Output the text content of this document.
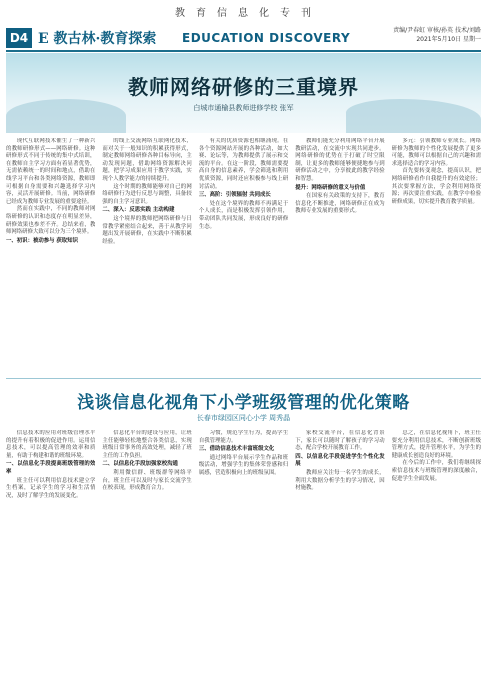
教 育 信 息 化 专 刊
D4 E 教古林·教育探索 EDUCATION DISCOVERY
责编/尹春虹 审核/孙英 技术/刘路
2021年5月10日 星期一
教师网络研修的三重境界
白城市通榆县教师进修学校 张军

现代互联网技术催生了一种新兴的教师研修形式——网络研修。这种研修形式不同于传统的集中式培训，在教师自主学习方面有着显著优势，无需依赖统一的时间和地点，借助在线学习平台和各类网络资源，教师即可根据自身需要和兴趣选择学习内容，灵活开展研修。当前，网络研修已经成为教师专业发展的重要途径。

然而在实践中，不同的教师对网络研修的认识和态度存在明显差异，研修效果也参差不齐。总结来看，教师网络研修大致可以分为三个境界。

一、初识：被动参与 获取知识

的线上交流网络互联网化技术，而对关于一般知识的积累获得形式，制定教师网络研修各种目标导向，主动发现问题，借助网络资源解决问题，把学习成果应用于教学实践，实现个人教学能力的持续提升。

这个时期的教师能够对自己的网络研修行为进行反思与调整，具备较强的自主学习意识。

二、深入：反思实践 主动构建

这个境界的教师把网络研修与日常教学紧密结合起来，善于从教学问题出发开展研修，在实践中不断积累经验。

有关的优质资源也相继涌现。在各个资源网站开展的各种活动，如大赛、论坛等，为教师提供了展示和交流的平台。在这一阶段，教师需要提高自身的信息素养，学会筛选和利用优质资源，同时还应积极参与线上研讨活动。

三、高阶：引领辐射 共同成长

处在这个境界的教师不再满足于个人成长，而是积极发挥引领作用，带动团队共同发展，形成良好的研修生态。

教师们能充分利用网络平台开展教研活动，在交流中实现共同进步。网络研修的优势在于打破了时空限制，让更多的教师能够便捷地参与到研修活动之中，分享彼此的教学经验和智慧。

提升：网络研修的意义与价值

在国家有关政策的支持下，教育信息化不断推进，网络研修正在成为教师专业发展的重要形式。

多元：引领教师专业成长。网络研修为教师的个性化发展提供了更多可能，教师可以根据自己的兴趣和需求选择适合的学习内容。

首先要转变观念，提高认识，把网络研修看作自我提升的有效途径；其次要掌握方法，学会利用网络资源；再次要注重实践，在教学中检验研修成果，切实提升教育教学质量。

浅谈信息化视角下小学班级管理的优化策略
长春市绿园区同心小学 周秀晶

信息技术的应用对班级管理水平的提升有着积极的促进作用。运用信息技术，可以提高管理的效率和质量，有助于构建和谐的班级环境。

一、以信息化手段提高班级管理的效率

班主任可以利用信息技术建立学生档案，记录学生的学习和生活情况，及时了解学生的发展变化。

信息化平台的建设与应用，让班主任能够轻松地整合各类信息，实现班级日常事务的高效处理，减轻了班主任的工作负担。

二、以信息化手段加强家校沟通

利用微信群、班级群等网络平台，班主任可以及时与家长交流学生在校表现，形成教育合力。

习惯，规范学生行为，提高学生自我管理能力。

三、借助信息技术丰富班级文化

通过网络平台展示学生作品和班级活动，增强学生的集体荣誉感和归属感，营造积极向上的班级氛围。

家校交流平台，在信息化背景下，家长可以随时了解孩子的学习动态，配合学校开展教育工作。

四、以信息化手段促进学生个性化发展

教师应关注每一名学生的成长，利用大数据分析学生的学习情况，因材施教。

总之，在信息化视角下，班主任要充分利用信息技术，不断创新班级管理方式，提升管理水平，为学生的健康成长创造良好的环境。

在今后的工作中，我们将继续探索信息技术与班级管理的深度融合，促进学生全面发展。
